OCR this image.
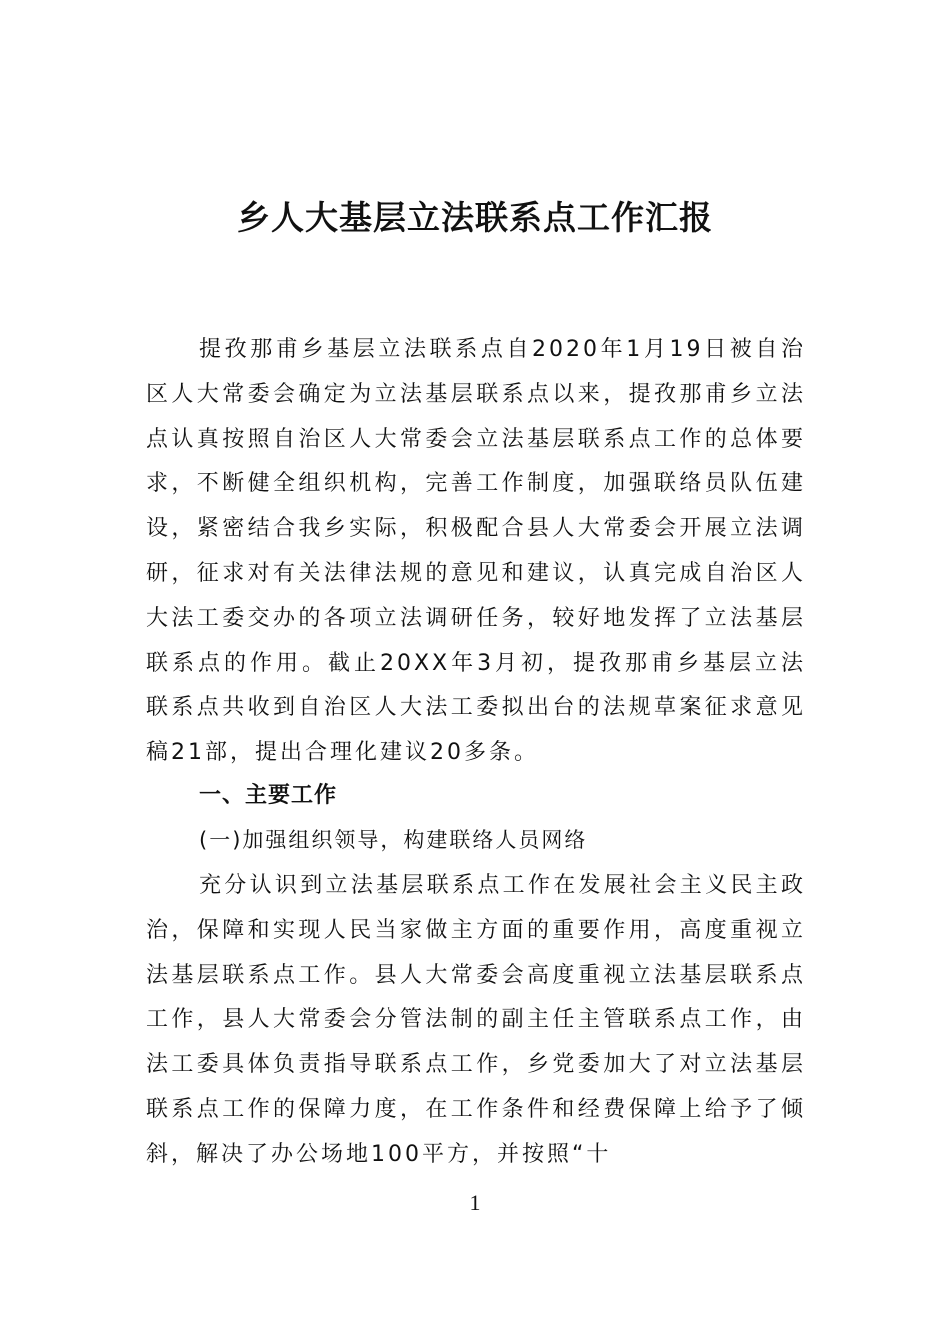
乡人大基层立法联系点工作汇报

提孜那甫乡基层立法联系点自2020年1月19日被自治区人大常委会确定为立法基层联系点以来，提孜那甫乡立法点认真按照自治区人大常委会立法基层联系点工作的总体要求，不断健全组织机构，完善工作制度，加强联络员队伍建设，紧密结合我乡实际，积极配合县人大常委会开展立法调研，征求对有关法律法规的意见和建议，认真完成自治区人大法工委交办的各项立法调研任务，较好地发挥了立法基层联系点的作用。截止20XX年3月初，提孜那甫乡基层立法联系点共收到自治区人大法工委拟出台的法规草案征求意见稿21部，提出合理化建议20多条。

一、主要工作
(一)加强组织领导，构建联络人员网络

充分认识到立法基层联系点工作在发展社会主义民主政治，保障和实现人民当家做主方面的重要作用，高度重视立法基层联系点工作。县人大常委会高度重视立法基层联系点工作，县人大常委会分管法制的副主任主管联系点工作，由法工委具体负责指导联系点工作，乡党委加大了对立法基层联系点工作的保障力度，在工作条件和经费保障上给予了倾斜，解决了办公场地100平方，并按照“十

1
